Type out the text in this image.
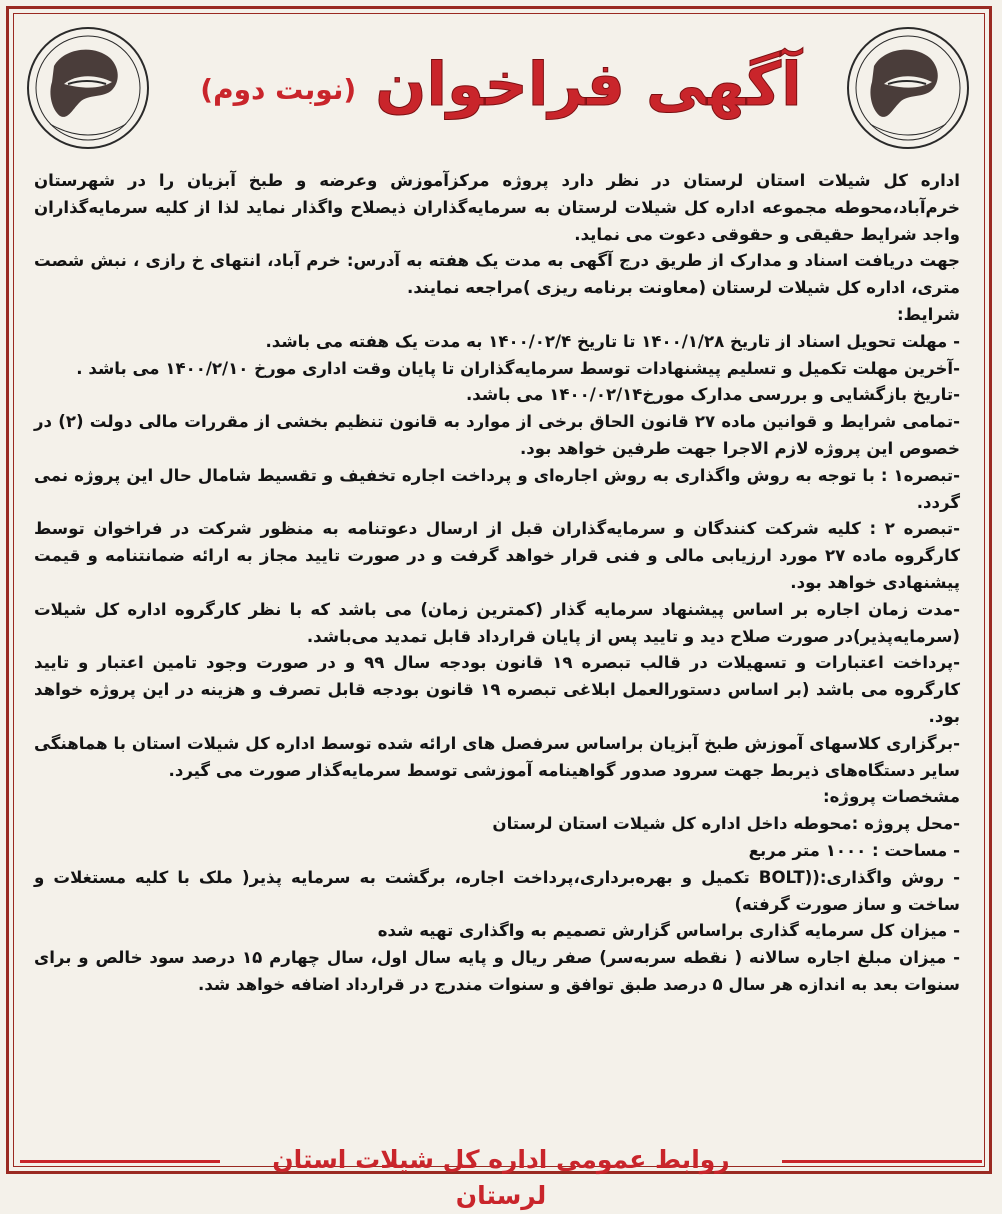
آگهی فراخوان (نوبت دوم)

اداره کل شیلات استان لرستان در نظر دارد پروژه مرکزآموزش وعرضه و طبخ آبزیان را در شهرستان خرم‌آباد،محوطه مجموعه اداره کل شیلات لرستان به سرمایه‌گذاران ذیصلاح واگذار نماید لذا از کلیه سرمایه‌گذاران واجد شرایط حقیقی و حقوقی دعوت می نماید.

جهت دریافت اسناد و مدارک از طریق درج آگهی به مدت یک هفته به آدرس: خرم آباد، انتهای خ رازی ، نبش شصت متری، اداره کل شیلات لرستان (معاونت برنامه ریزی )مراجعه نمایند.

شرایط:

- مهلت تحویل اسناد از تاریخ ۱۴۰۰/۱/۲۸ تا تاریخ ۱۴۰۰/۰۲/۴ به مدت یک هفته می باشد.

-آخرین مهلت تکمیل و تسلیم پیشنهادات توسط سرمایه‌گذاران تا پایان وقت اداری مورخ ۱۴۰۰/۲/۱۰ می باشد .

-تاریخ بازگشایی و بررسی مدارک مورخ۱۴۰۰/۰۲/۱۴ می باشد.

-تمامی شرایط و قوانین ماده ۲۷ قانون الحاق برخی از موارد به قانون تنظیم بخشی از مقررات مالی دولت (۲) در خصوص این پروژه لازم الاجرا جهت طرفین خواهد بود.

-تبصره۱ : با توجه به روش واگذاری به روش اجاره‌ای و پرداخت اجاره تخفیف و تقسیط شامال حال این پروژه نمی گردد.

-تبصره ۲ : کلیه شرکت کنندگان و سرمایه‌گذاران قبل از ارسال دعوتنامه به منظور شرکت در فراخوان توسط کارگروه ماده ۲۷ مورد ارزیابی مالی و فنی قرار خواهد گرفت و در صورت تایید مجاز به ارائه ضمانتنامه و قیمت پیشنهادی خواهد بود.

-مدت زمان اجاره بر اساس پیشنهاد سرمایه گذار (کمترین زمان) می باشد که با نظر کارگروه اداره کل شیلات (سرمایه‌پذیر)در صورت صلاح دید و تایید پس از پایان قرارداد قابل تمدید می‌باشد.

-پرداخت اعتبارات و تسهیلات در قالب تبصره ۱۹ قانون بودجه سال ۹۹ و در صورت وجود تامین اعتبار و تایید کارگروه می باشد (بر اساس دستورالعمل ابلاغی تبصره ۱۹ قانون بودجه قابل تصرف و هزینه در این پروژه خواهد بود.

-برگزاری کلاسهای آموزش طبخ آبزیان براساس سرفصل های ارائه شده توسط اداره کل شیلات استان با هماهنگی سایر دستگاه‌های ذیربط جهت سرود صدور گواهینامه آموزشی توسط سرمایه‌گذار صورت می گیرد.

مشخصات پروژه:

-محل پروژه :محوطه داخل اداره کل شیلات استان لرستان

- مساحت : ۱۰۰۰ متر مربع

- روش واگذاری:((BOLT تکمیل و بهره‌برداری،پرداخت اجاره، برگشت به سرمایه پذیر( ملک با کلیه مستغلات و ساخت و ساز صورت گرفته)

- میزان کل سرمایه گذاری براساس گزارش تصمیم به واگذاری تهیه شده

- میزان مبلغ اجاره سالانه ( نقطه سربه‌سر) صفر ریال و پایه سال اول، سال چهارم ۱۵ درصد سود خالص و برای سنوات بعد به اندازه هر سال ۵ درصد طبق توافق و سنوات مندرج در قرارداد اضافه خواهد شد.

روابط عمومی اداره کل شیلات استان لرستان
